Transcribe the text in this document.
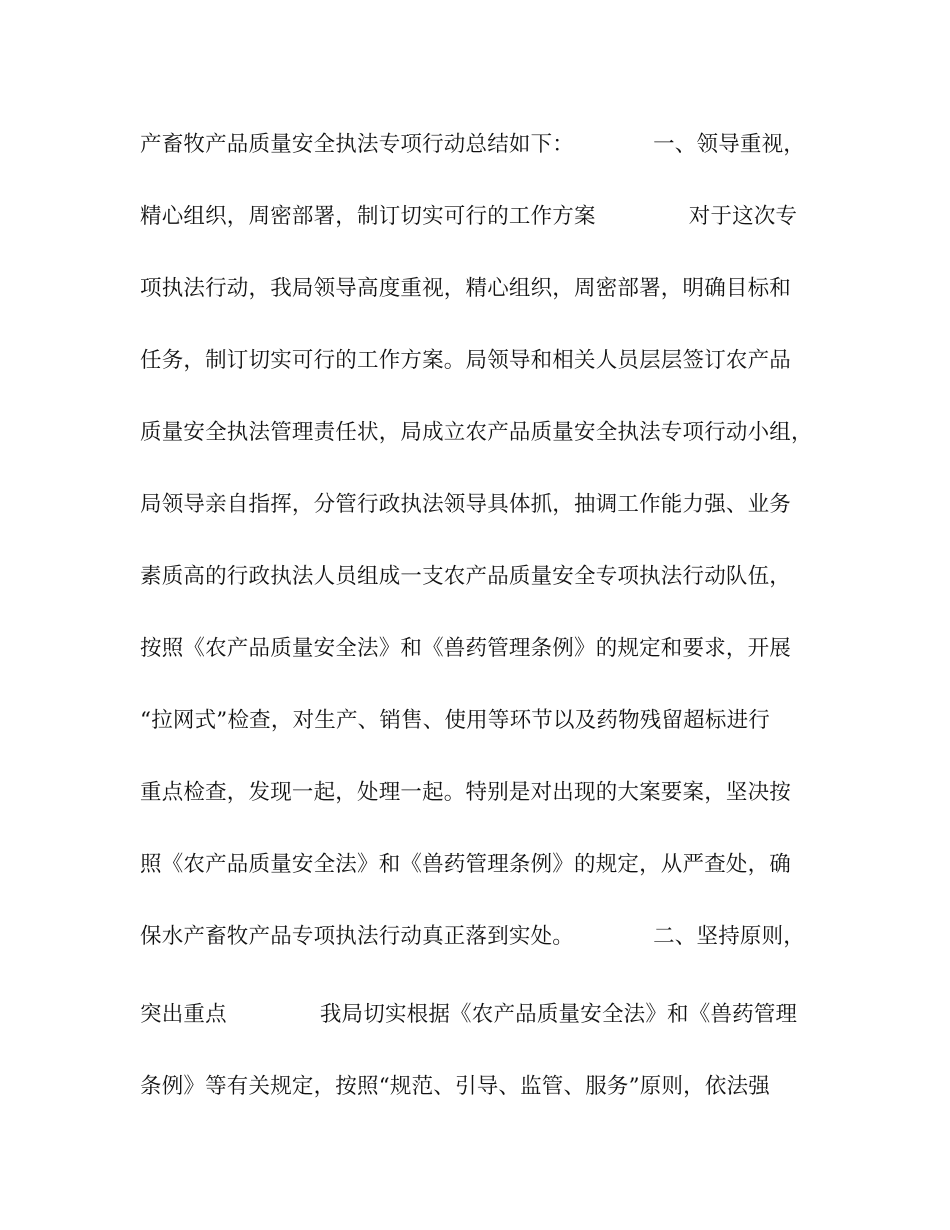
产畜牧产品质量安全执法专项行动总结如下：	一、领导重视，
精心组织，周密部署，制订切实可行的工作方案	对于这次专
项执法行动，我局领导高度重视，精心组织，周密部署，明确目标和
任务，制订切实可行的工作方案。局领导和相关人员层层签订农产品
质量安全执法管理责任状，局成立农产品质量安全执法专项行动小组，
局领导亲自指挥，分管行政执法领导具体抓，抽调工作能力强、业务
素质高的行政执法人员组成一支农产品质量安全专项执法行动队伍，
按照《农产品质量安全法》和《兽药管理条例》的规定和要求，开展
“拉网式”检查，对生产、销售、使用等环节以及药物残留超标进行
重点检查，发现一起，处理一起。特别是对出现的大案要案，坚决按
照《农产品质量安全法》和《兽药管理条例》的规定，从严查处，确
保水产畜牧产品专项执法行动真正落到实处。	二、坚持原则，
突出重点	我局切实根据《农产品质量安全法》和《兽药管理
条例》等有关规定，按照“规范、引导、监管、服务”原则，依法强
